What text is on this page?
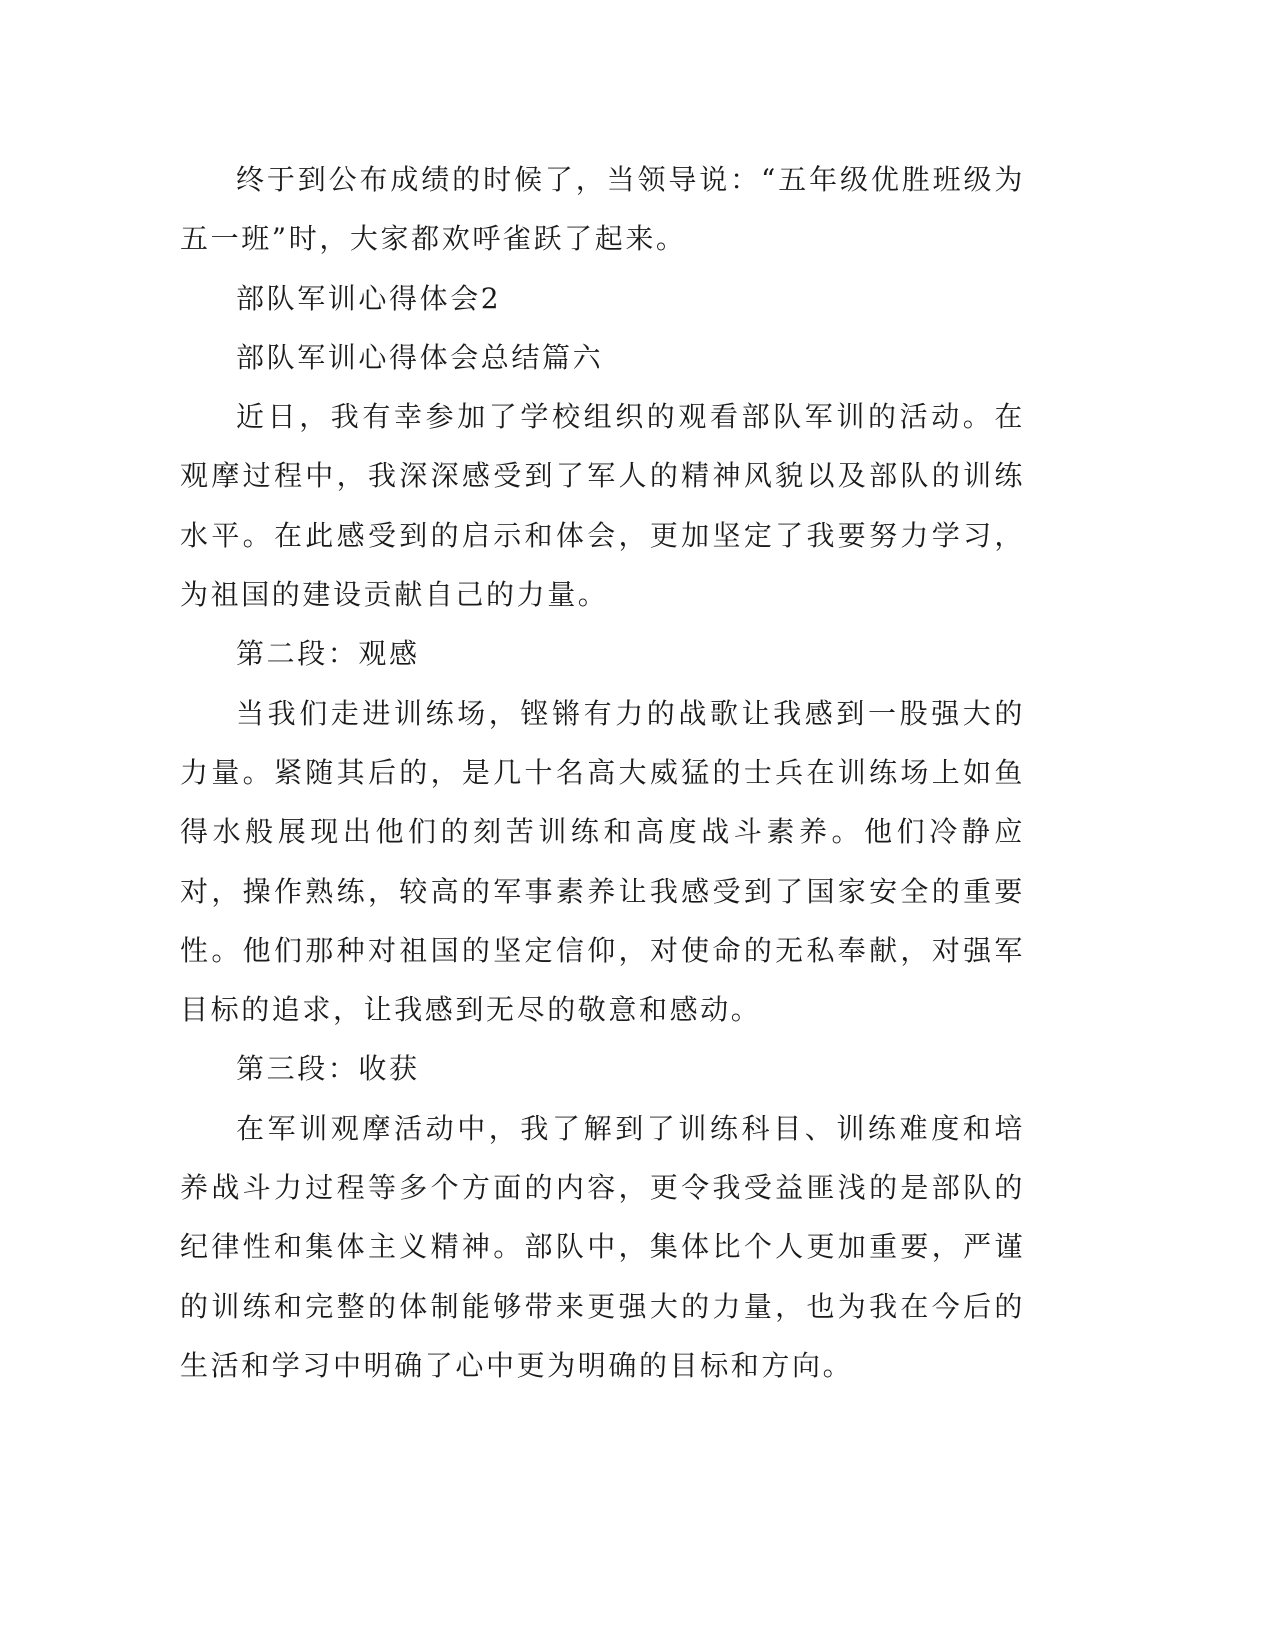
终于到公布成绩的时候了，当领导说：“五年级优胜班级为五一班”时，大家都欢呼雀跃了起来。

部队军训心得体会2

部队军训心得体会总结篇六

近日，我有幸参加了学校组织的观看部队军训的活动。在观摩过程中，我深深感受到了军人的精神风貌以及部队的训练水平。在此感受到的启示和体会，更加坚定了我要努力学习，为祖国的建设贡献自己的力量。

第二段：观感

当我们走进训练场，铿锵有力的战歌让我感到一股强大的力量。紧随其后的，是几十名高大威猛的士兵在训练场上如鱼得水般展现出他们的刻苦训练和高度战斗素养。他们冷静应对，操作熟练，较高的军事素养让我感受到了国家安全的重要性。他们那种对祖国的坚定信仰，对使命的无私奉献，对强军目标的追求，让我感到无尽的敬意和感动。

第三段：收获

在军训观摩活动中，我了解到了训练科目、训练难度和培养战斗力过程等多个方面的内容，更令我受益匪浅的是部队的纪律性和集体主义精神。部队中，集体比个人更加重要，严谨的训练和完整的体制能够带来更强大的力量，也为我在今后的生活和学习中明确了心中更为明确的目标和方向。
